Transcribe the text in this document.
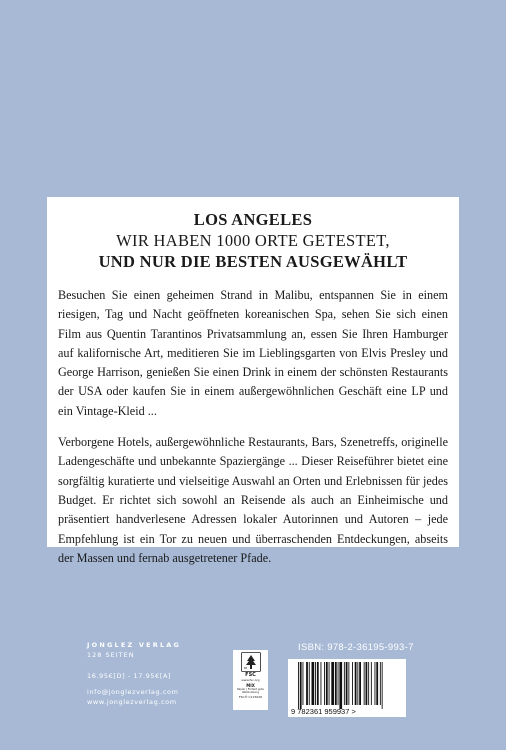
LOS ANGELES
WIR HABEN 1000 ORTE GETESTET,
UND NUR DIE BESTEN AUSGEWÄHLT

Besuchen Sie einen geheimen Strand in Malibu, entspannen Sie in einem riesigen, Tag und Nacht geöffneten koreanischen Spa, sehen Sie sich einen Film aus Quentin Tarantinos Privatsammlung an, essen Sie Ihren Hamburger auf kalifornische Art, meditieren Sie im Lieblingsgarten von Elvis Presley und George Harrison, genießen Sie einen Drink in einem der schönsten Restaurants der USA oder kaufen Sie in einem außergewöhnlichen Geschäft eine LP und ein Vintage-Kleid ...

Verborgene Hotels, außergewöhnliche Restaurants, Bars, Szenetreffs, originelle Ladengeschäfte und unbekannte Spaziergänge ... Dieser Reiseführer bietet eine sorgfältig kuratierte und vielseitige Auswahl an Orten und Erlebnissen für jedes Budget. Er richtet sich sowohl an Reisende als auch an Einheimische und präsentiert handverlesene Adressen lokaler Autorinnen und Autoren – jede Empfehlung ist ein Tor zu neuen und überraschenden Entdeckungen, abseits der Massen und fernab ausgetretener Pfade.

JONGLEZ VERLAG
128 SEITEN
16.95€[D] - 17.95€[A]
info@jonglezverlag.com
www.jonglezverlag.com
FSC
www.fsc.org
MIX
Papier | Fördert gute Waldnutzung
FSC® C115628
ISBN: 978-2-36195-993-7
9 782361 959937 >
